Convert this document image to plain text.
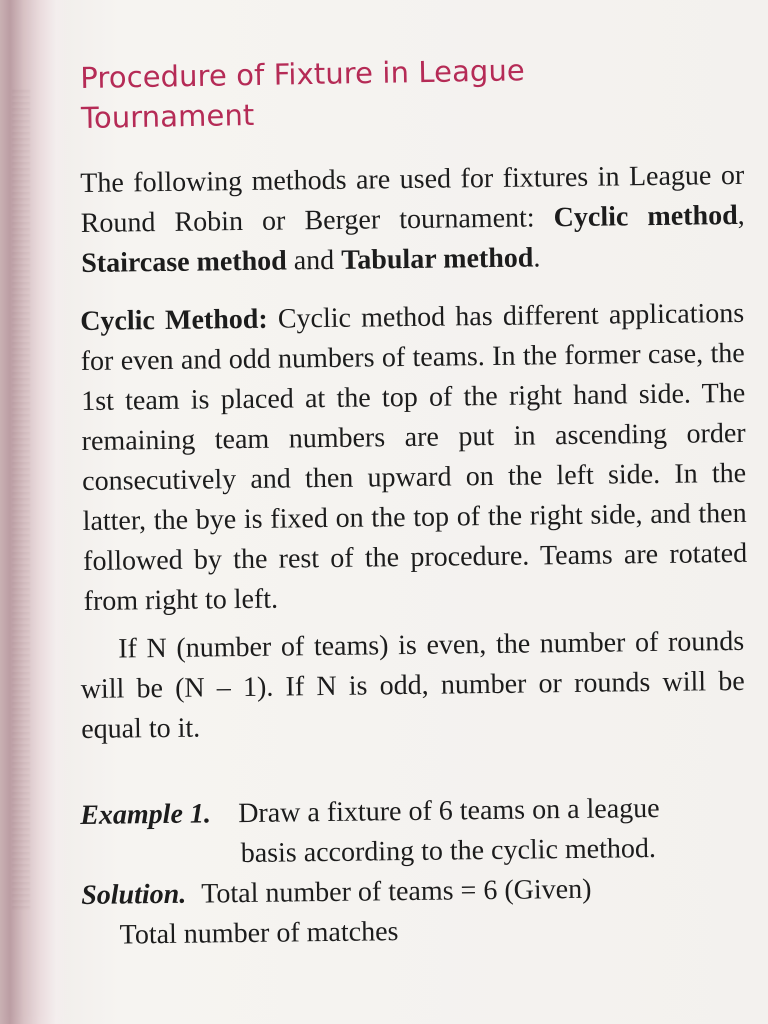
Procedure of Fixture in League
Tournament

The following methods are used for fixtures in League or Round Robin or Berger tournament: Cyclic method, Staircase method and Tabular method.

Cyclic Method: Cyclic method has different applications for even and odd numbers of teams. In the former case, the 1st team is placed at the top of the right hand side. The remaining team numbers are put in ascending order consecutively and then upward on the left side. In the latter, the bye is fixed on the top of the right side, and then followed by the rest of the procedure. Teams are rotated from right to left.

If N (number of teams) is even, the number of rounds will be (N – 1). If N is odd, number or rounds will be equal to it.

Example 1. Draw a fixture of 6 teams on a league
basis according to the cyclic method.
Solution. Total number of teams = 6 (Given)
Total number of matches
